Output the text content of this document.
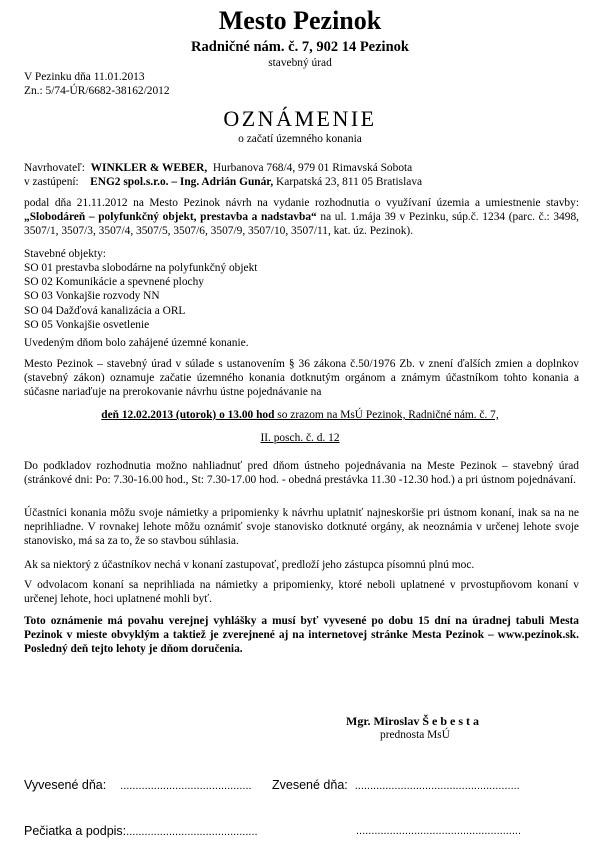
Mesto Pezinok
Radničné nám. č. 7, 902 14 Pezinok
stavebný úrad
V Pezinku dňa 11.01.2013
Zn.: 5/74-ÚR/6682-38162/2012
OZNÁMENIE
o začatí územného konania
Navrhovateľ: WINKLER & WEBER, Hurbanova 768/4, 979 01 Rimavská Sobota
v zastúpení: ENG2 spol.s.r.o. – Ing. Adrián Gunár, Karpatská 23, 811 05 Bratislava
podal dňa 21.11.2012 na Mesto Pezinok návrh na vydanie rozhodnutia o využívaní územia a umiestnenie stavby: „Slobodáreň – polyfunkčný objekt, prestavba a nadstavba“ na ul. 1.mája 39 v Pezinku, súp.č. 1234 (parc. č.: 3498, 3507/1, 3507/3, 3507/4, 3507/5, 3507/6, 3507/9, 3507/10, 3507/11, kat. úz. Pezinok).
Stavebné objekty:
SO 01 prestavba slobodárne na polyfunkčný objekt
SO 02 Komunikácie a spevnené plochy
SO 03 Vonkajšie rozvody NN
SO 04 Dažďová kanalizácia a ORL
SO 05 Vonkajšie osvetlenie
Uvedeným dňom bolo zahájené územné konanie.
Mesto Pezinok – stavebný úrad v súlade s ustanovením § 36 zákona č.50/1976 Zb. v znení ďalších zmien a doplnkov (stavebný zákon) oznamuje začatie územného konania dotknutým orgánom a známym účastníkom tohto konania a súčasne nariaďuje na prerokovanie návrhu ústne pojednávanie na
deň 12.02.2013 (utorok) o 13.00 hod so zrazom na MsÚ Pezinok, Radničné nám. č. 7,
II. posch. č. d. 12
Do podkladov rozhodnutia možno nahliadnuť pred dňom ústneho pojednávania na Meste Pezinok – stavebný úrad (stránkové dni: Po: 7.30-16.00 hod., St: 7.30-17.00 hod. - obedná prestávka 11.30 -12.30 hod.) a pri ústnom pojednávaní.
Účastníci konania môžu svoje námietky a pripomienky k návrhu uplatniť najneskoršie pri ústnom konaní, inak sa na ne neprihliadne. V rovnakej lehote môžu oznámiť svoje stanovisko dotknuté orgány, ak neoznámia v určenej lehote svoje stanovisko, má sa za to, že so stavbou súhlasia.
Ak sa niektorý z účastníkov nechá v konaní zastupovať, predloží jeho zástupca písomnú plnú moc.
V odvolacom konaní sa neprihliada na námietky a pripomienky, ktoré neboli uplatnené v prvostupňovom konaní v určenej lehote, hoci uplatnené mohli byť.
Toto oznámenie má povahu verejnej vyhlášky a musí byť vyvesené po dobu 15 dní na úradnej tabuli Mesta Pezinok v mieste obvyklým a taktiež je zverejnené aj na internetovej stránke Mesta Pezinok – www.pezinok.sk. Posledný deň tejto lehoty je dňom doručenia.
Mgr. Miroslav Š e b e s t a
prednosta MsÚ
Vyvesené dňa: ........................................... Zvesené dňa: ......................................................
Pečiatka a podpis:...........................................	......................................................
